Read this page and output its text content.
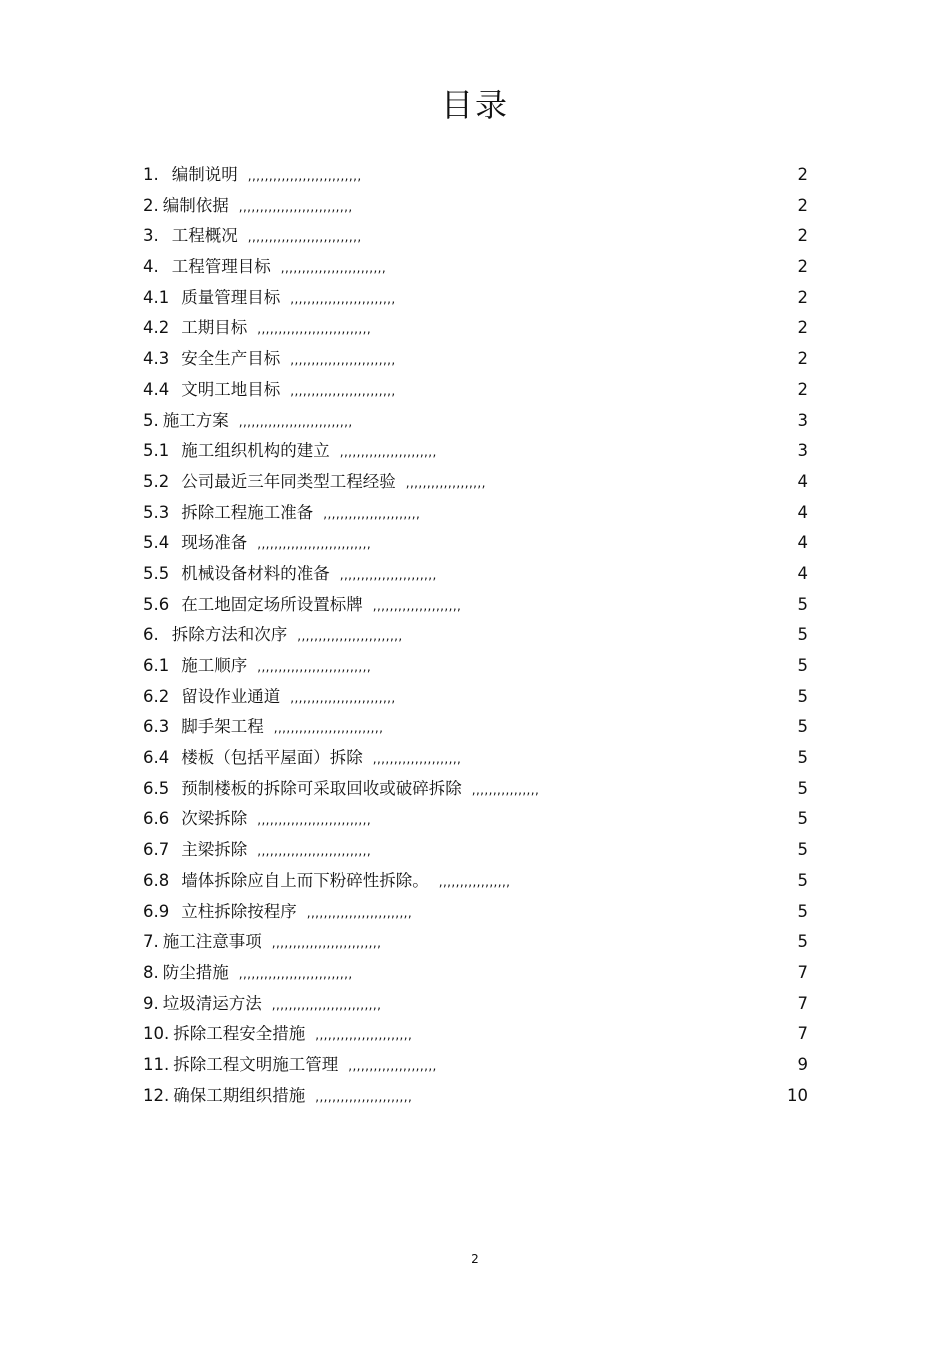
目录
1. 编制说明 ,,,,,,,,,,,,,,,,,,,,,,,,,,,	2
2. 编制依据 ,,,,,,,,,,,,,,,,,,,,,,,,,,,	2
3. 工程概况 ,,,,,,,,,,,,,,,,,,,,,,,,,,,	2
4. 工程管理目标 ,,,,,,,,,,,,,,,,,,,,,,,,,	2
4.1 质量管理目标 ,,,,,,,,,,,,,,,,,,,,,,,,,	2
4.2 工期目标 ,,,,,,,,,,,,,,,,,,,,,,,,,,,	2
4.3 安全生产目标 ,,,,,,,,,,,,,,,,,,,,,,,,,	2
4.4 文明工地目标 ,,,,,,,,,,,,,,,,,,,,,,,,,	2
5. 施工方案 ,,,,,,,,,,,,,,,,,,,,,,,,,,,	3
5.1 施工组织机构的建立 ,,,,,,,,,,,,,,,,,,,,,,,	3
5.2 公司最近三年同类型工程经验 ,,,,,,,,,,,,,,,,,,,	4
5.3 拆除工程施工准备 ,,,,,,,,,,,,,,,,,,,,,,,	4
5.4 现场准备 ,,,,,,,,,,,,,,,,,,,,,,,,,,,	4
5.5 机械设备材料的准备 ,,,,,,,,,,,,,,,,,,,,,,,	4
5.6 在工地固定场所设置标牌 ,,,,,,,,,,,,,,,,,,,,,	5
6. 拆除方法和次序 ,,,,,,,,,,,,,,,,,,,,,,,,,	5
6.1 施工顺序 ,,,,,,,,,,,,,,,,,,,,,,,,,,,	5
6.2 留设作业通道 ,,,,,,,,,,,,,,,,,,,,,,,,,	5
6.3 脚手架工程 ,,,,,,,,,,,,,,,,,,,,,,,,,,	5
6.4 楼板（包括平屋面）拆除 ,,,,,,,,,,,,,,,,,,,,,	5
6.5 预制楼板的拆除可采取回收或破碎拆除 ,,,,,,,,,,,,,,,,	5
6.6 次梁拆除 ,,,,,,,,,,,,,,,,,,,,,,,,,,,	5
6.7 主梁拆除 ,,,,,,,,,,,,,,,,,,,,,,,,,,,	5
6.8 墙体拆除应自上而下粉碎性拆除。 ,,,,,,,,,,,,,,,,,	5
6.9 立柱拆除按程序 ,,,,,,,,,,,,,,,,,,,,,,,,,	5
7. 施工注意事项 ,,,,,,,,,,,,,,,,,,,,,,,,,,	5
8. 防尘措施 ,,,,,,,,,,,,,,,,,,,,,,,,,,,	7
9. 垃圾清运方法 ,,,,,,,,,,,,,,,,,,,,,,,,,,	7
10. 拆除工程安全措施 ,,,,,,,,,,,,,,,,,,,,,,,	7
11. 拆除工程文明施工管理 ,,,,,,,,,,,,,,,,,,,,,	9
12. 确保工期组织措施 ,,,,,,,,,,,,,,,,,,,,,,,	10
2
